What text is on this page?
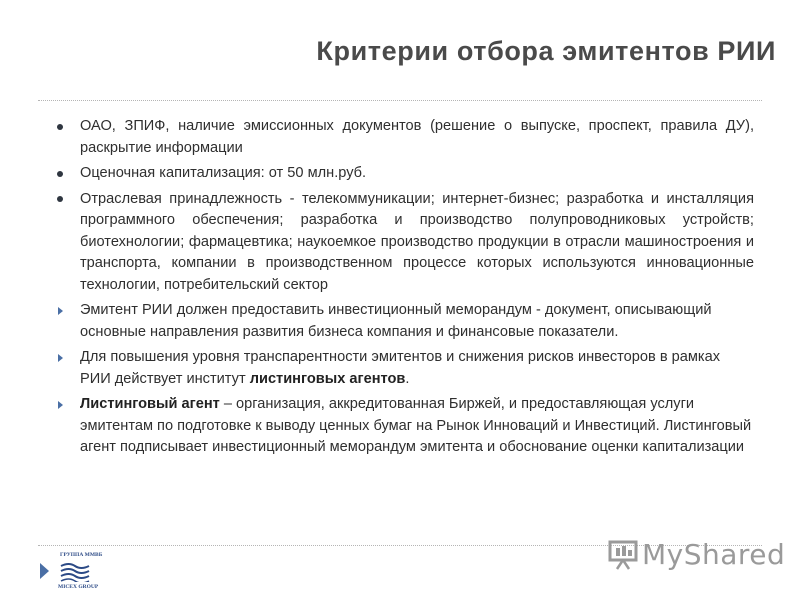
Критерии отбора эмитентов РИИ
ОАО, ЗПИФ, наличие эмиссионных документов (решение о выпуске, проспект, правила ДУ), раскрытие информации
Оценочная капитализация: от 50 млн.руб.
Отраслевая принадлежность - телекоммуникации; интернет-бизнес; разработка и инсталляция программного обеспечения; разработка и производство полупроводниковых устройств; биотехнологии; фармацевтика; наукоемкое производство продукции в отрасли машиностроения и транспорта, компании в производственном процессе которых используются инновационные технологии, потребительский сектор
Эмитент РИИ должен предоставить инвестиционный меморандум - документ, описывающий основные направления развития бизнеса компания и финансовые показатели.
Для повышения уровня транспарентности эмитентов и снижения рисков инвесторов в рамках РИИ действует институт листинговых агентов.
Листинговый агент – организация, аккредитованная Биржей, и предоставляющая услуги эмитентам по подготовке к выводу ценных бумаг на Рынок Инноваций и Инвестиций. Листинговый агент подписывает инвестиционный меморандум эмитента и обоснование оценки капитализации
ГРУППА ММВБ
MICEX GROUP
MyShared
